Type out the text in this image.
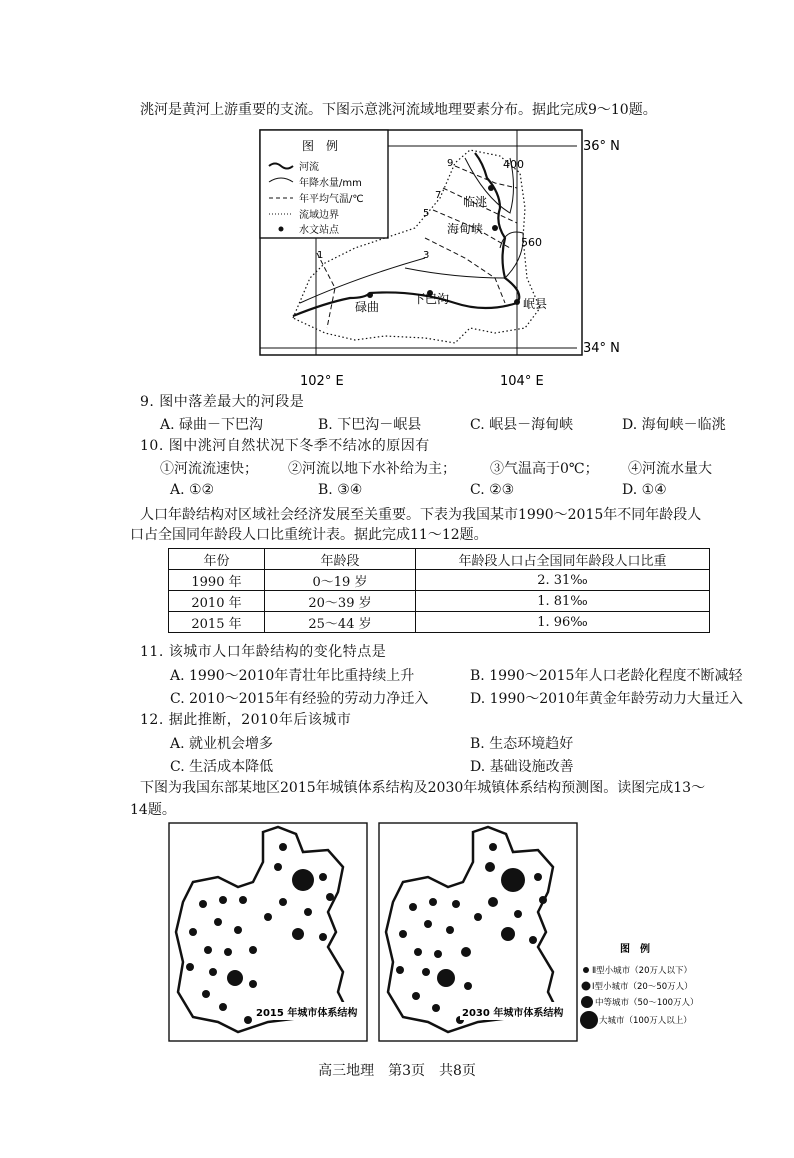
洮河是黄河上游重要的支流。下图示意洮河流域地理要素分布。据此完成9～10题。
图　例
河流
年降水量/mm
年平均气温/℃
流域边界
水文站点
碌曲
下巴沟	岷县
海甸峡
临洮
9
7
5
3
1
400
560
36° N
34° N
102° E	104° E
9. 图中落差最大的河段是
A. 碌曲－下巴沟	B. 下巴沟－岷县	C. 岷县－海甸峡	D. 海甸峡－临洮
10. 图中洮河自然状况下冬季不结冰的原因有
①河流流速快； ②河流以地下水补给为主； ③气温高于0℃； ④河流水量大
A. ①②	B. ③④	C. ②③	D. ①④
人口年龄结构对区域社会经济发展至关重要。下表为我国某市1990～2015年不同年龄段人
口占全国同年龄段人口比重统计表。据此完成11～12题。
年份	年龄段	年龄段人口占全国同年龄段人口比重
1990 年	0～19 岁	2. 31‰
2010 年	20～39 岁	1. 81‰
2015 年	25～44 岁	1. 96‰
11. 该城市人口年龄结构的变化特点是
A. 1990～2010年青壮年比重持续上升	B. 1990～2015年人口老龄化程度不断减轻
C. 2010～2015年有经验的劳动力净迁入	D. 1990～2010年黄金年龄劳动力大量迁入
12. 据此推断，2010年后该城市
A. 就业机会增多	B. 生态环境趋好
C. 生活成本降低	D. 基础设施改善
下图为我国东部某地区2015年城镇体系结构及2030年城镇体系结构预测图。读图完成13～
14题。
2015 年城市体系结构	2030 年城市体系结构
图　例
Ⅱ型小城市（20万人以下）
Ⅰ型小城市（20～50万人）
中等城市（50～100万人）
大城市（100万人以上）
高三地理　第3页　共8页
